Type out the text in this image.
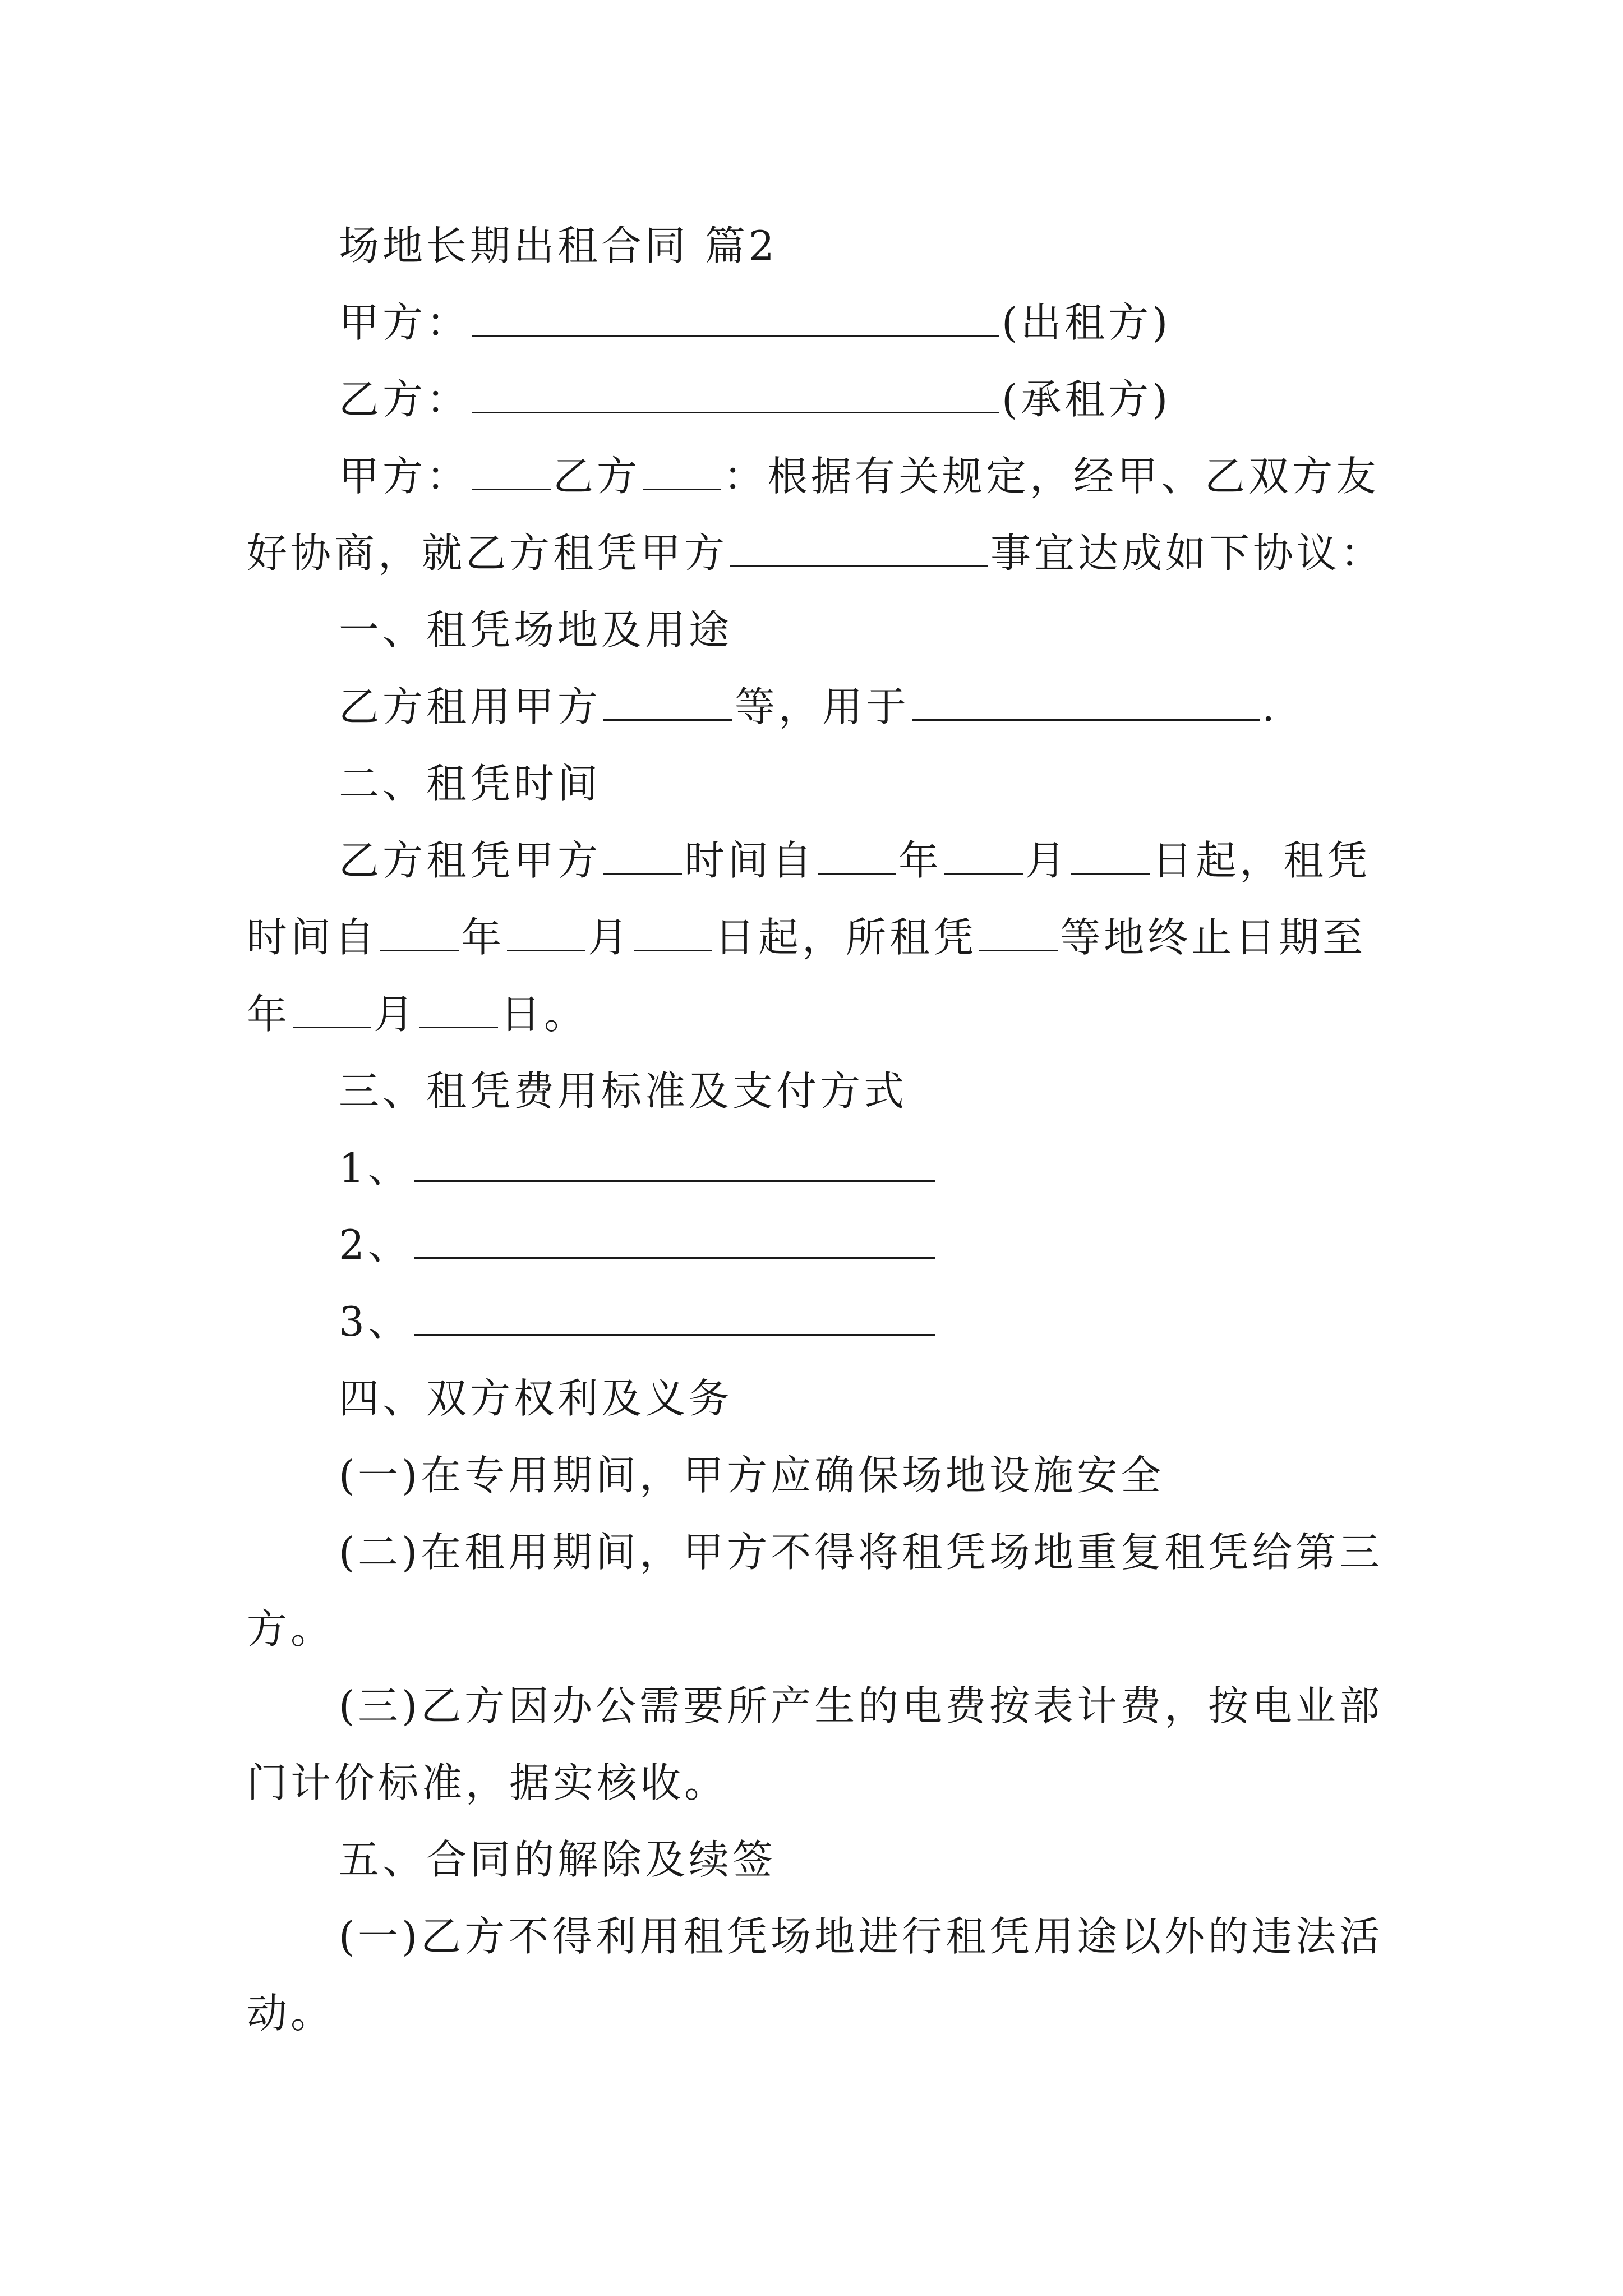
场地长期出租合同 篇2
甲方：	(出租方)
乙方：	(承租方)
甲方： 乙方 ：根据有关规定，经甲、乙双方友
好协商，就乙方租凭甲方	事宜达成如下协议：
一、租凭场地及用途
乙方租用甲方	等，用于	.
二、租凭时间
乙方租凭甲方 时间自 年 月 日起，租凭
时间自 年 月 日起，所租凭 等地终止日期至
年 月 日。
三、租凭费用标准及支付方式
1、
2、
3、
四、双方权利及义务
(一)在专用期间，甲方应确保场地设施安全
(二)在租用期间，甲方不得将租凭场地重复租凭给第三
方。
(三)乙方因办公需要所产生的电费按表计费，按电业部
门计价标准，据实核收。
五、合同的解除及续签
(一)乙方不得利用租凭场地进行租凭用途以外的违法活
动。
